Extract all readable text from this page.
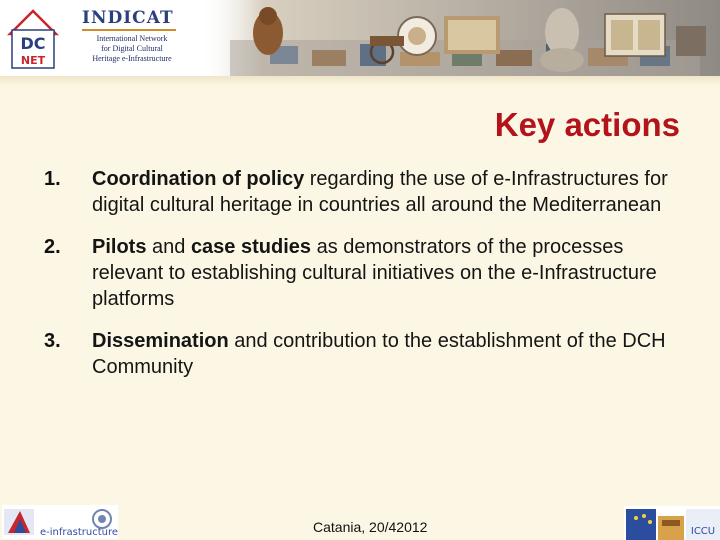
DC
NET
INDICAT
International Network
for Digital Cultural
Heritage e-Infrastructure
Key actions
1. Coordination of policy regarding the use of e-Infrastructures for digital cultural heritage in countries all around the Mediterranean
2. Pilots and case studies as demonstrators of the processes relevant to establishing cultural initiatives on the e-Infrastructure platforms
3. Dissemination and contribution to the establishment of the DCH Community
e-infrastructure	Catania, 20/42012	ICCU
